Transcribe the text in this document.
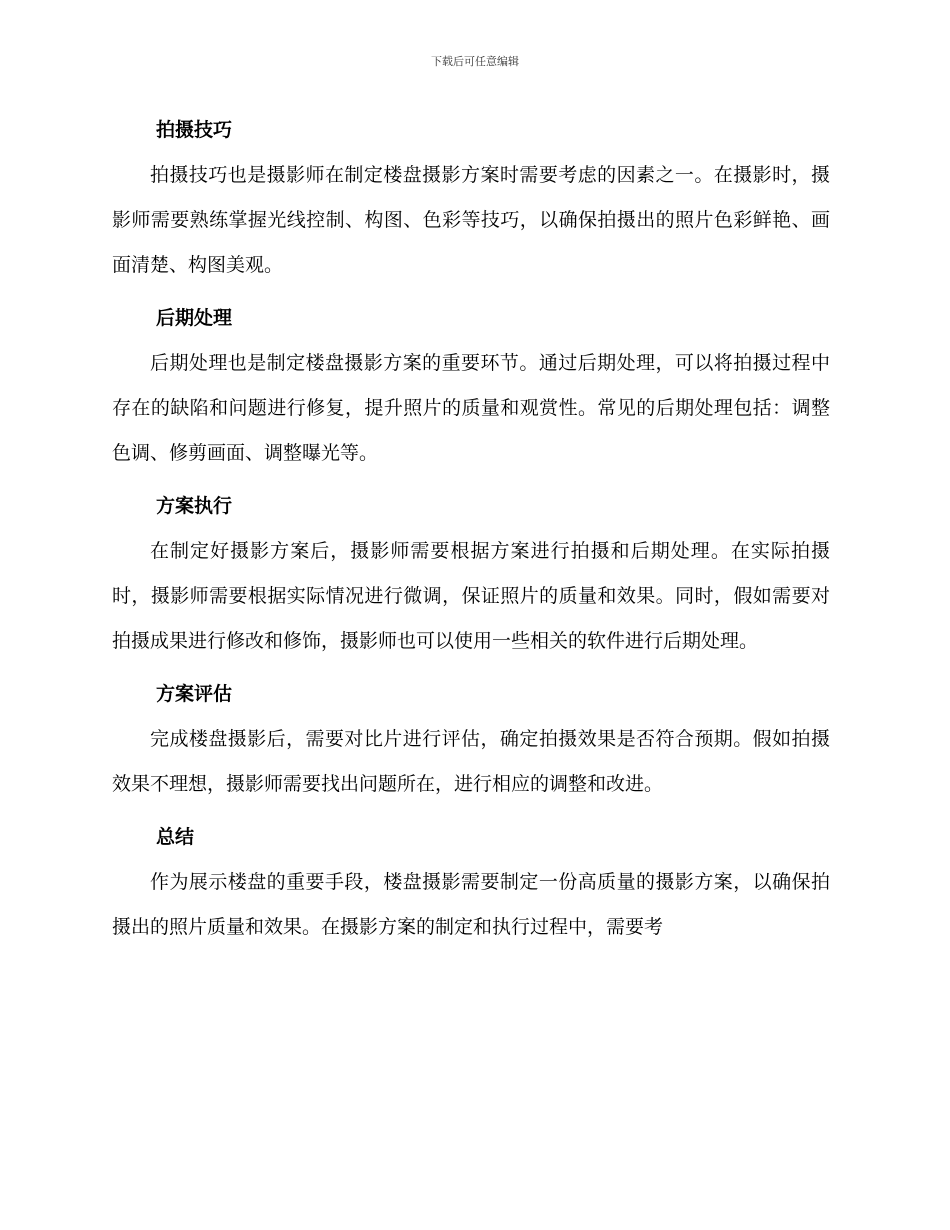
下载后可任意编辑
拍摄技巧

拍摄技巧也是摄影师在制定楼盘摄影方案时需要考虑的因素之一。在摄影时，摄影师需要熟练掌握光线控制、构图、色彩等技巧，以确保拍摄出的照片色彩鲜艳、画面清楚、构图美观。

后期处理

后期处理也是制定楼盘摄影方案的重要环节。通过后期处理，可以将拍摄过程中存在的缺陷和问题进行修复，提升照片的质量和观赏性。常见的后期处理包括：调整色调、修剪画面、调整曝光等。

方案执行

在制定好摄影方案后，摄影师需要根据方案进行拍摄和后期处理。在实际拍摄时，摄影师需要根据实际情况进行微调，保证照片的质量和效果。同时，假如需要对拍摄成果进行修改和修饰，摄影师也可以使用一些相关的软件进行后期处理。

方案评估

完成楼盘摄影后，需要对比片进行评估，确定拍摄效果是否符合预期。假如拍摄效果不理想，摄影师需要找出问题所在，进行相应的调整和改进。

总结

作为展示楼盘的重要手段，楼盘摄影需要制定一份高质量的摄影方案，以确保拍摄出的照片质量和效果。在摄影方案的制定和执行过程中，需要考
